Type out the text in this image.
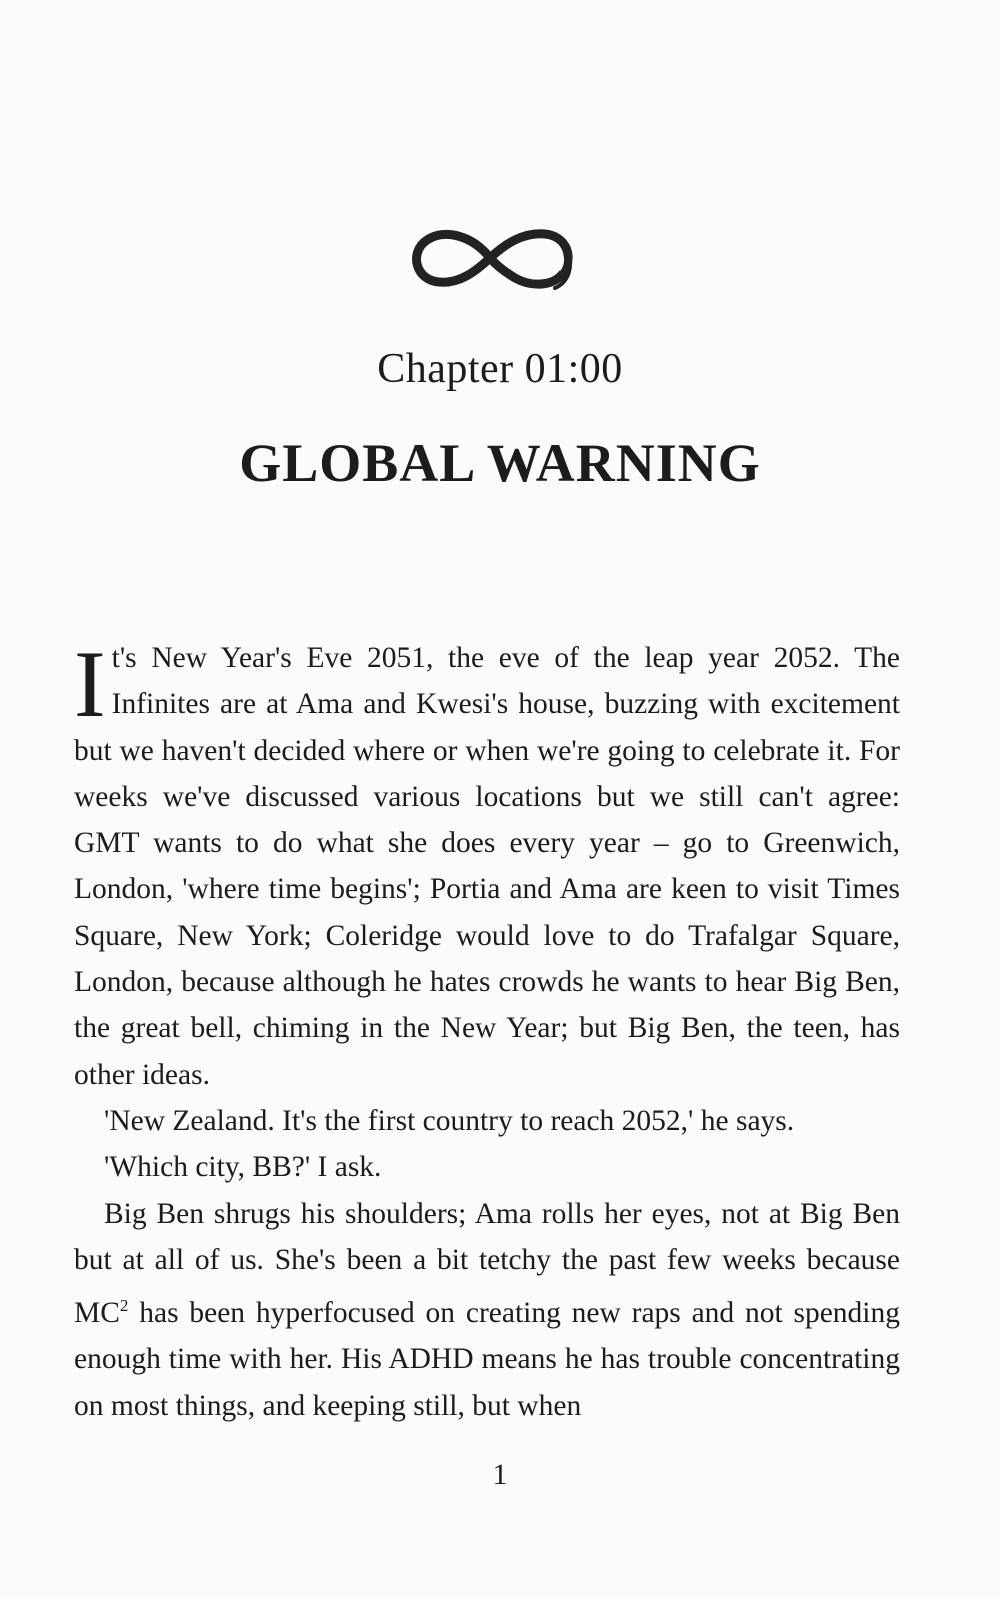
Chapter 01:00
GLOBAL WARNING

It's New Year's Eve 2051, the eve of the leap year 2052. The Infinites are at Ama and Kwesi's house, buzzing with excitement but we haven't decided where or when we're going to celebrate it. For weeks we've discussed various locations but we still can't agree: GMT wants to do what she does every year – go to Greenwich, London, 'where time begins'; Portia and Ama are keen to visit Times Square, New York; Coleridge would love to do Trafalgar Square, London, because although he hates crowds he wants to hear Big Ben, the great bell, chiming in the New Year; but Big Ben, the teen, has other ideas.

'New Zealand. It's the first country to reach 2052,' he says.

'Which city, BB?' I ask.

Big Ben shrugs his shoulders; Ama rolls her eyes, not at Big Ben but at all of us. She's been a bit tetchy the past few weeks because $MC^2$ has been hyperfocused on creating new raps and not spending enough time with her. His ADHD means he has trouble concentrating on most things, and keeping still, but when

1
